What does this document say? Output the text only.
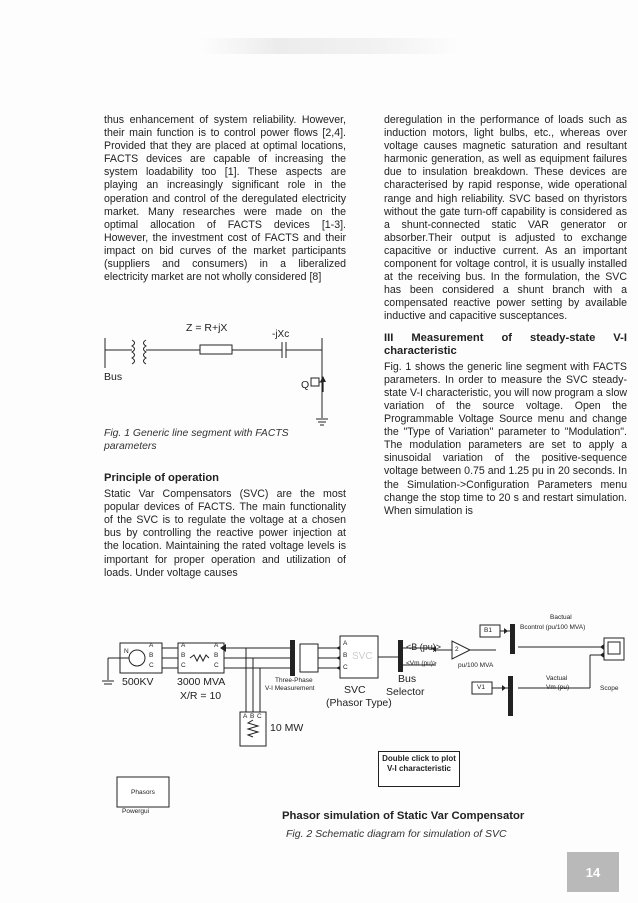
thus enhancement of system reliability. However, their main function is to control power flows [2,4]. Provided that they are placed at optimal locations, FACTS devices are capable of increasing the system loadability too [1]. These aspects are playing an increasingly significant role in the operation and control of the deregulated electricity market. Many researches were made on the optimal allocation of FACTS devices [1-3]. However, the investment cost of FACTS and their impact on bid curves of the market participants (suppliers and consumers) in a liberalized electricity market are not wholly considered [8]

Z = R+jX
-jXc
Bus
Q
Fig. 1 Generic line segment with FACTS parameters

Principle of operation

Static Var Compensators (SVC) are the most popular devices of FACTS. The main functionality of the SVC is to regulate the voltage at a chosen bus by controlling the reactive power injection at the location. Maintaining the rated voltage levels is important for proper operation and utilization of loads. Under voltage causes

deregulation in the performance of loads such as induction motors, light bulbs, etc., whereas over voltage causes magnetic saturation and resultant harmonic generation, as well as equipment failures due to insulation breakdown. These devices are characterised by rapid response, wide operational range and high reliability. SVC based on thyristors without the gate turn-off capability is considered as a shunt-connected static VAR generator or absorber.Their output is adjusted to exchange capacitive or inductive current. As an important component for voltage control, it is usually installed at the receiving bus. In the formulation, the SVC has been considered a shunt branch with a compensated reactive power setting by available inductive and capacitive susceptances.

III Measurement of steady-state V-I characteristic

Fig. 1 shows the generic line segment with FACTS parameters. In order to measure the SVC steady-state V-I characteristic, you will now program a slow variation of the source voltage. Open the Programmable Voltage Source menu and change the "Type of Variation" parameter to "Modulation". The modulation parameters are set to apply a sinusoidal variation of the positive-sequence voltage between 0.75 and 1.25 pu in 20 seconds. In the Simulation->Configuration Parameters menu change the stop time to 20 s and restart simulation. When simulation is

N
A
B
C
A
B
C
A
B
C
500KV 3000 MVA
X/R = 10
Three-Phase
V-I Measurement
A
B
C
SVC
SVC
(Phasor Type)
A B C
10 MW
<B (pu)>
<Vm (pu)>
Bus
Selector
2
pu/100 MVA
B1
V1
Bactual
Bcontrol (pu/100 MVA)
Vactual
Vm (pu)	Scope
Double click to plot V-I characteristic
Phasors
Powergui	Phasor simulation of Static Var Compensator
Fig. 2 Schematic diagram for simulation of SVC
14
